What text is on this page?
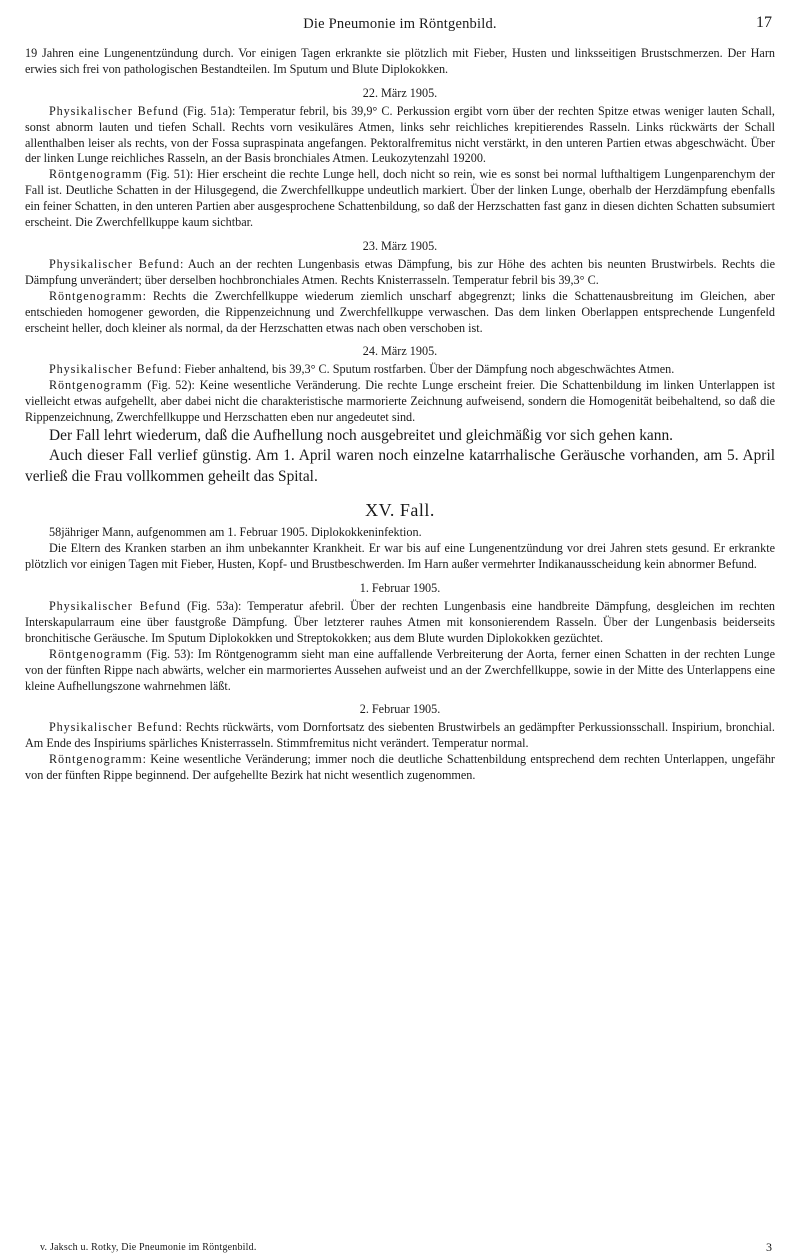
Die Pneumonie im Röntgenbild.	17

19 Jahren eine Lungenentzündung durch. Vor einigen Tagen erkrankte sie plötzlich mit Fieber, Husten und linksseitigen Brustschmerzen. Der Harn erwies sich frei von pathologischen Bestandteilen. Im Sputum und Blute Diplokokken.

22. März 1905.

Physikalischer Befund (Fig. 51a): Temperatur febril, bis 39,9° C. Perkussion ergibt vorn über der rechten Spitze etwas weniger lauten Schall, sonst abnorm lauten und tiefen Schall. Rechts vorn vesikuläres Atmen, links sehr reichliches krepitierendes Rasseln. Links rückwärts der Schall allenthalben leiser als rechts, von der Fossa supraspinata angefangen. Pektoralfremitus nicht verstärkt, in den unteren Partien etwas abgeschwächt. Über der linken Lunge reichliches Rasseln, an der Basis bronchiales Atmen. Leukozytenzahl 19200.

Röntgenogramm (Fig. 51): Hier erscheint die rechte Lunge hell, doch nicht so rein, wie es sonst bei normal lufthaltigem Lungenparenchym der Fall ist. Deutliche Schatten in der Hilusgegend, die Zwerchfellkuppe undeutlich markiert. Über der linken Lunge, oberhalb der Herzdämpfung ebenfalls ein feiner Schatten, in den unteren Partien aber ausgesprochene Schattenbildung, so daß der Herzschatten fast ganz in diesen dichten Schatten subsumiert erscheint. Die Zwerchfellkuppe kaum sichtbar.

23. März 1905.

Physikalischer Befund: Auch an der rechten Lungenbasis etwas Dämpfung, bis zur Höhe des achten bis neunten Brustwirbels. Rechts die Dämpfung unverändert; über derselben hochbronchiales Atmen. Rechts Knisterrasseln. Temperatur febril bis 39,3° C.

Röntgenogramm: Rechts die Zwerchfellkuppe wiederum ziemlich unscharf abgegrenzt; links die Schattenausbreitung im Gleichen, aber entschieden homogener geworden, die Rippenzeichnung und Zwerchfellkuppe verwaschen. Das dem linken Oberlappen entsprechende Lungenfeld erscheint heller, doch kleiner als normal, da der Herzschatten etwas nach oben verschoben ist.

24. März 1905.

Physikalischer Befund: Fieber anhaltend, bis 39,3° C. Sputum rostfarben. Über der Dämpfung noch abgeschwächtes Atmen.

Röntgenogramm (Fig. 52): Keine wesentliche Veränderung. Die rechte Lunge erscheint freier. Die Schattenbildung im linken Unterlappen ist vielleicht etwas aufgehellt, aber dabei nicht die charakteristische marmorierte Zeichnung aufweisend, sondern die Homogenität beibehaltend, so daß die Rippenzeichnung, Zwerchfellkuppe und Herzschatten eben nur angedeutet sind.

Der Fall lehrt wiederum, daß die Aufhellung noch ausgebreitet und gleichmäßig vor sich gehen kann.

Auch dieser Fall verlief günstig. Am 1. April waren noch einzelne katarrhalische Geräusche vorhanden, am 5. April verließ die Frau vollkommen geheilt das Spital.

XV. Fall.

58jähriger Mann, aufgenommen am 1. Februar 1905. Diplokokkeninfektion.

Die Eltern des Kranken starben an ihm unbekannter Krankheit. Er war bis auf eine Lungenentzündung vor drei Jahren stets gesund. Er erkrankte plötzlich vor einigen Tagen mit Fieber, Husten, Kopf- und Brustbeschwerden. Im Harn außer vermehrter Indikanausscheidung kein abnormer Befund.

1. Februar 1905.

Physikalischer Befund (Fig. 53a): Temperatur afebril. Über der rechten Lungenbasis eine handbreite Dämpfung, desgleichen im rechten Interskapularraum eine über faustgroße Dämpfung. Über letzterer rauhes Atmen mit konsonierendem Rasseln. Über der Lungenbasis beiderseits bronchitische Geräusche. Im Sputum Diplokokken und Streptokokken; aus dem Blute wurden Diplokokken gezüchtet.

Röntgenogramm (Fig. 53): Im Röntgenogramm sieht man eine auffallende Verbreiterung der Aorta, ferner einen Schatten in der rechten Lunge von der fünften Rippe nach abwärts, welcher ein marmoriertes Aussehen aufweist und an der Zwerchfellkuppe, sowie in der Mitte des Unterlappens eine kleine Aufhellungszone wahrnehmen läßt.

2. Februar 1905.

Physikalischer Befund: Rechts rückwärts, vom Dornfortsatz des siebenten Brustwirbels an gedämpfter Perkussionsschall. Inspirium, bronchial. Am Ende des Inspiriums spärliches Knisterrasseln. Stimmfremitus nicht verändert. Temperatur normal.

Röntgenogramm: Keine wesentliche Veränderung; immer noch die deutliche Schattenbildung entsprechend dem rechten Unterlappen, ungefähr von der fünften Rippe beginnend. Der aufgehellte Bezirk hat nicht wesentlich zugenommen.

v. Jaksch u. Rotky, Die Pneumonie im Röntgenbild.	3
